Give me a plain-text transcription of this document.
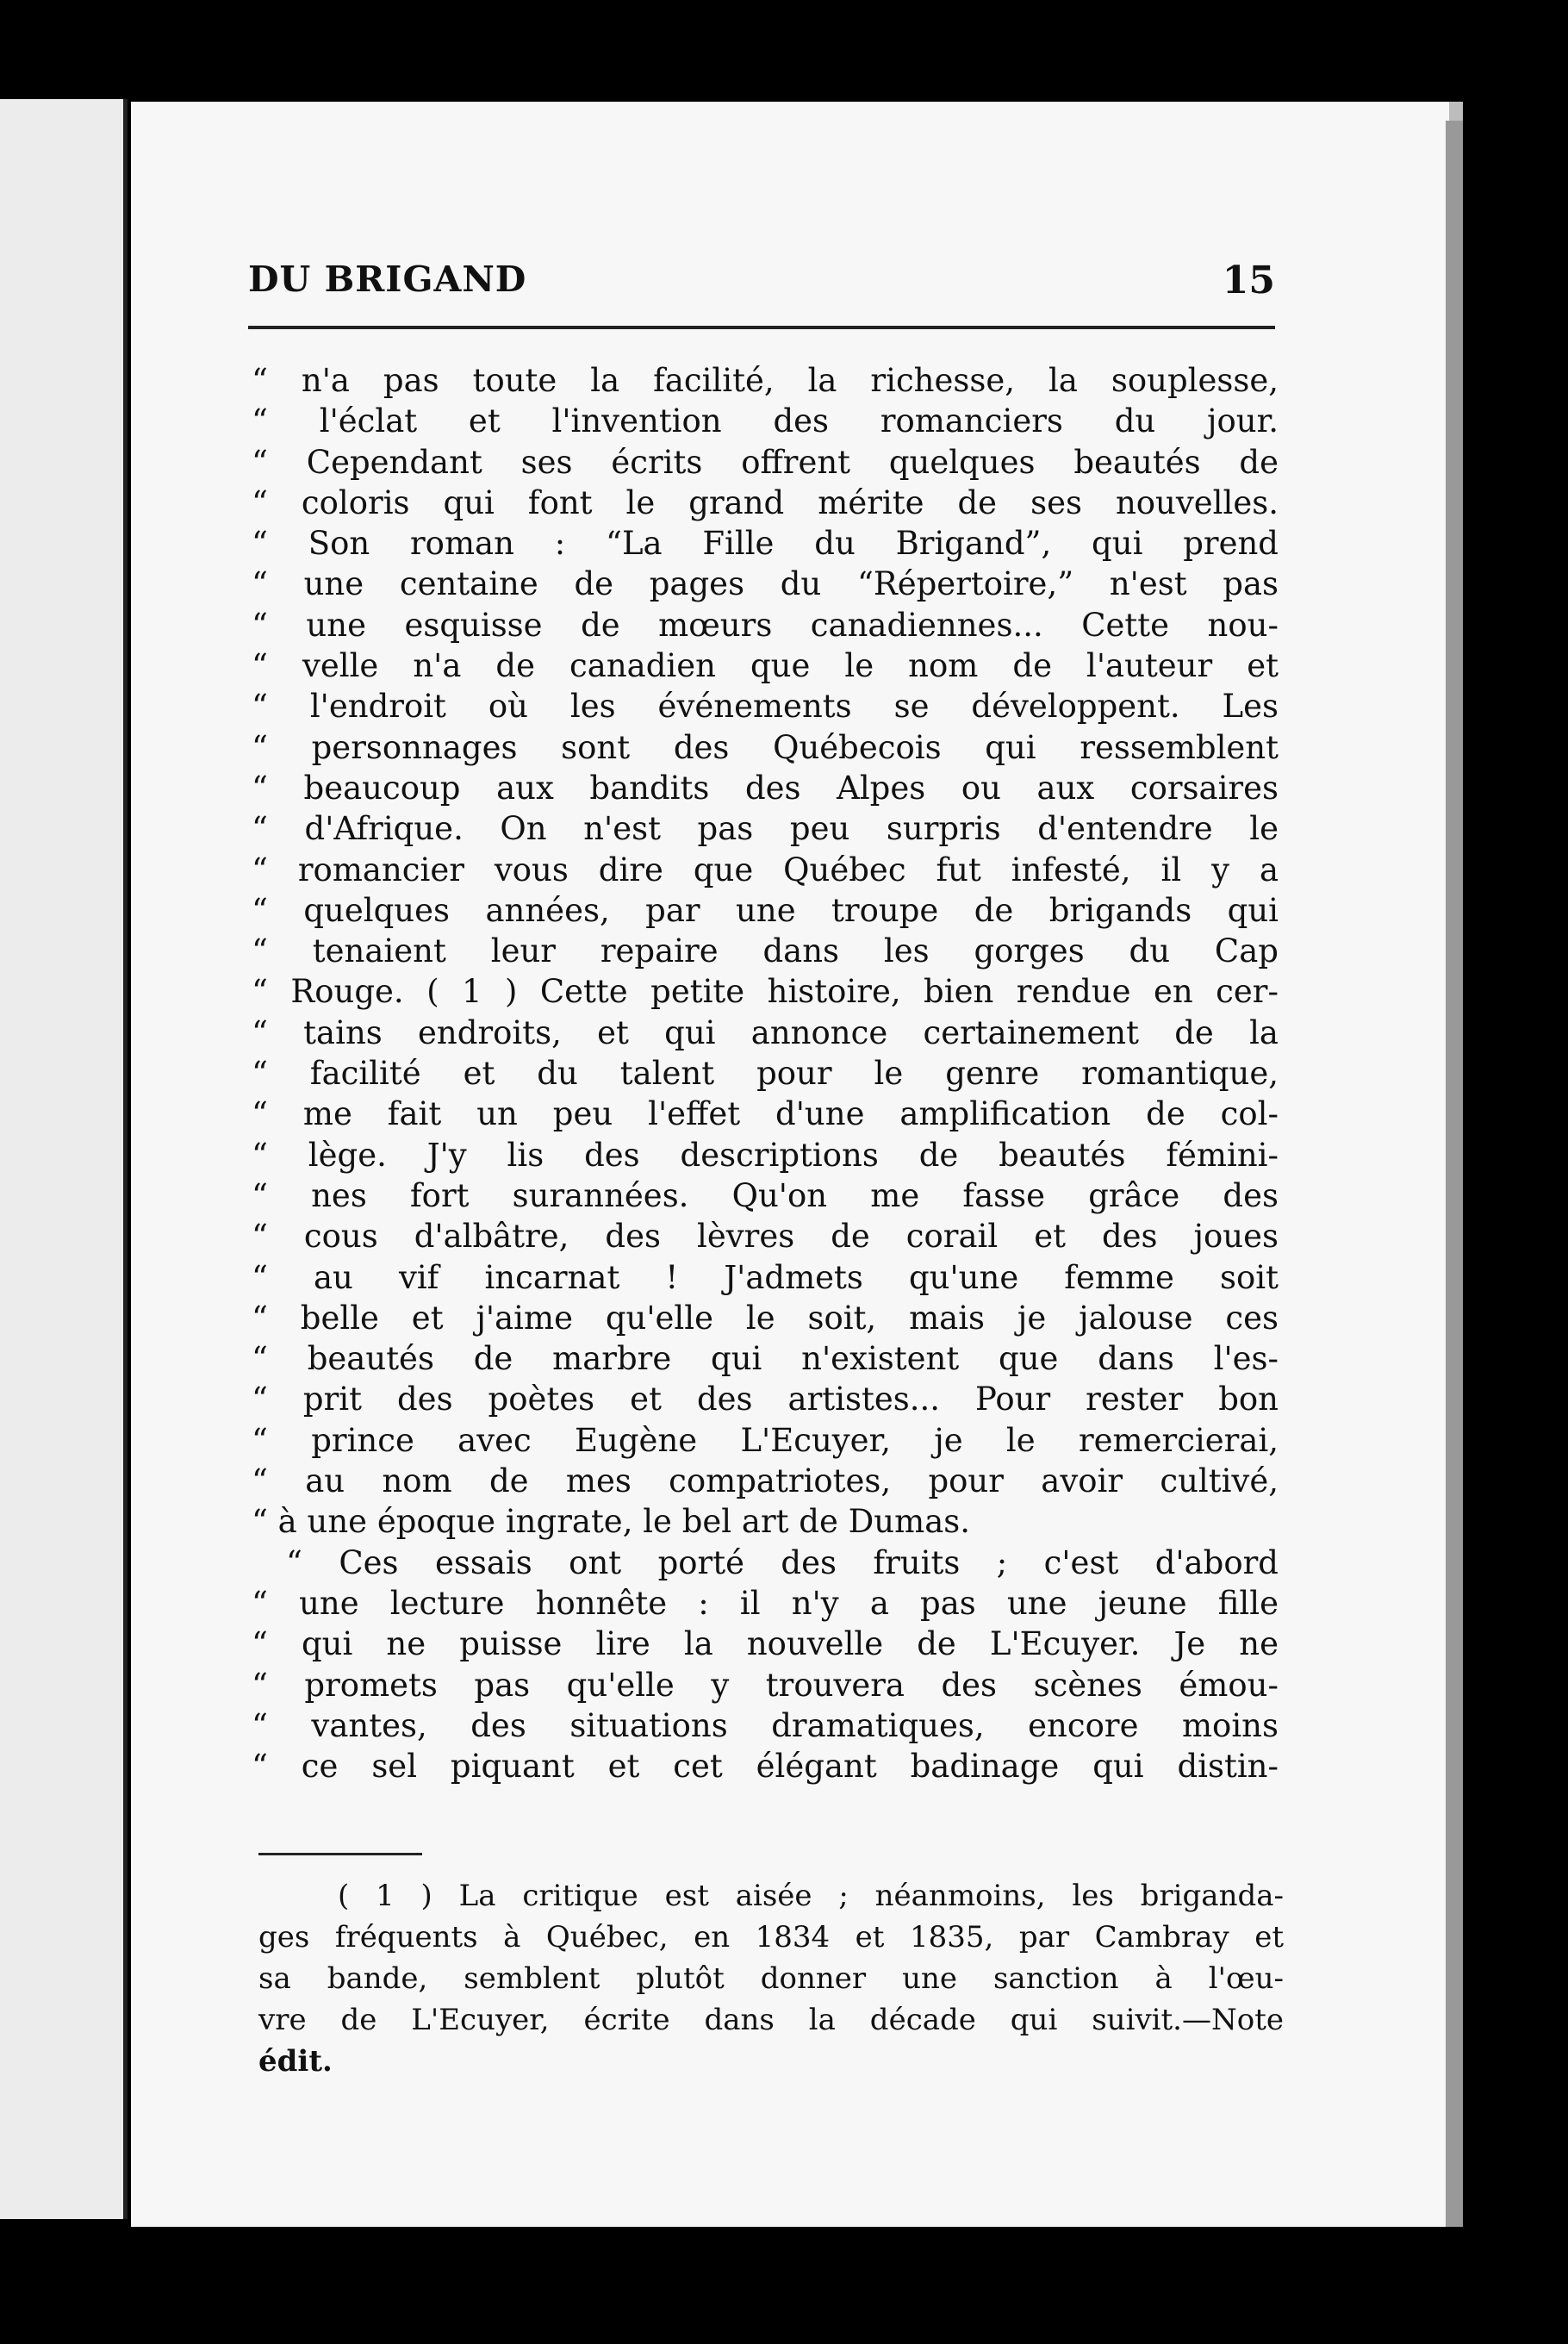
DU BRIGAND	15
“ n'a pas toute la facilité, la richesse, la souplesse,
“ l'éclat et l'invention des romanciers du jour.
“ Cependant ses écrits offrent quelques beautés de
“ coloris qui font le grand mérite de ses nouvelles.
“ Son roman : “La Fille du Brigand”, qui prend
“ une centaine de pages du “Répertoire,” n'est pas
“ une esquisse de mœurs canadiennes... Cette nou-
“ velle n'a de canadien que le nom de l'auteur et
“ l'endroit où les événements se développent. Les
“ personnages sont des Québecois qui ressemblent
“ beaucoup aux bandits des Alpes ou aux corsaires
“ d'Afrique. On n'est pas peu surpris d'entendre le
“ romancier vous dire que Québec fut infesté, il y a
“ quelques années, par une troupe de brigands qui
“ tenaient leur repaire dans les gorges du Cap
“ Rouge. ( 1 ) Cette petite histoire, bien rendue en cer-
“ tains endroits, et qui annonce certainement de la
“ facilité et du talent pour le genre romantique,
“ me fait un peu l'effet d'une amplification de col-
“ lège. J'y lis des descriptions de beautés fémini-
“ nes fort surannées. Qu'on me fasse grâce des
“ cous d'albâtre, des lèvres de corail et des joues
“ au vif incarnat ! J'admets qu'une femme soit
“ belle et j'aime qu'elle le soit, mais je jalouse ces
“ beautés de marbre qui n'existent que dans l'es-
“ prit des poètes et des artistes... Pour rester bon
“ prince avec Eugène L'Ecuyer, je le remercierai,
“ au nom de mes compatriotes, pour avoir cultivé,
“ à une époque ingrate, le bel art de Dumas.
“ Ces essais ont porté des fruits ; c'est d'abord
“ une lecture honnête : il n'y a pas une jeune fille
“ qui ne puisse lire la nouvelle de L'Ecuyer. Je ne
“ promets pas qu'elle y trouvera des scènes émou-
“ vantes, des situations dramatiques, encore moins
“ ce sel piquant et cet élégant badinage qui distin-
( 1 ) La critique est aisée ; néanmoins, les briganda-
ges fréquents à Québec, en 1834 et 1835, par Cambray et
sa bande, semblent plutôt donner une sanction à l'œu-
vre de L'Ecuyer, écrite dans la décade qui suivit.—Note
édit.
